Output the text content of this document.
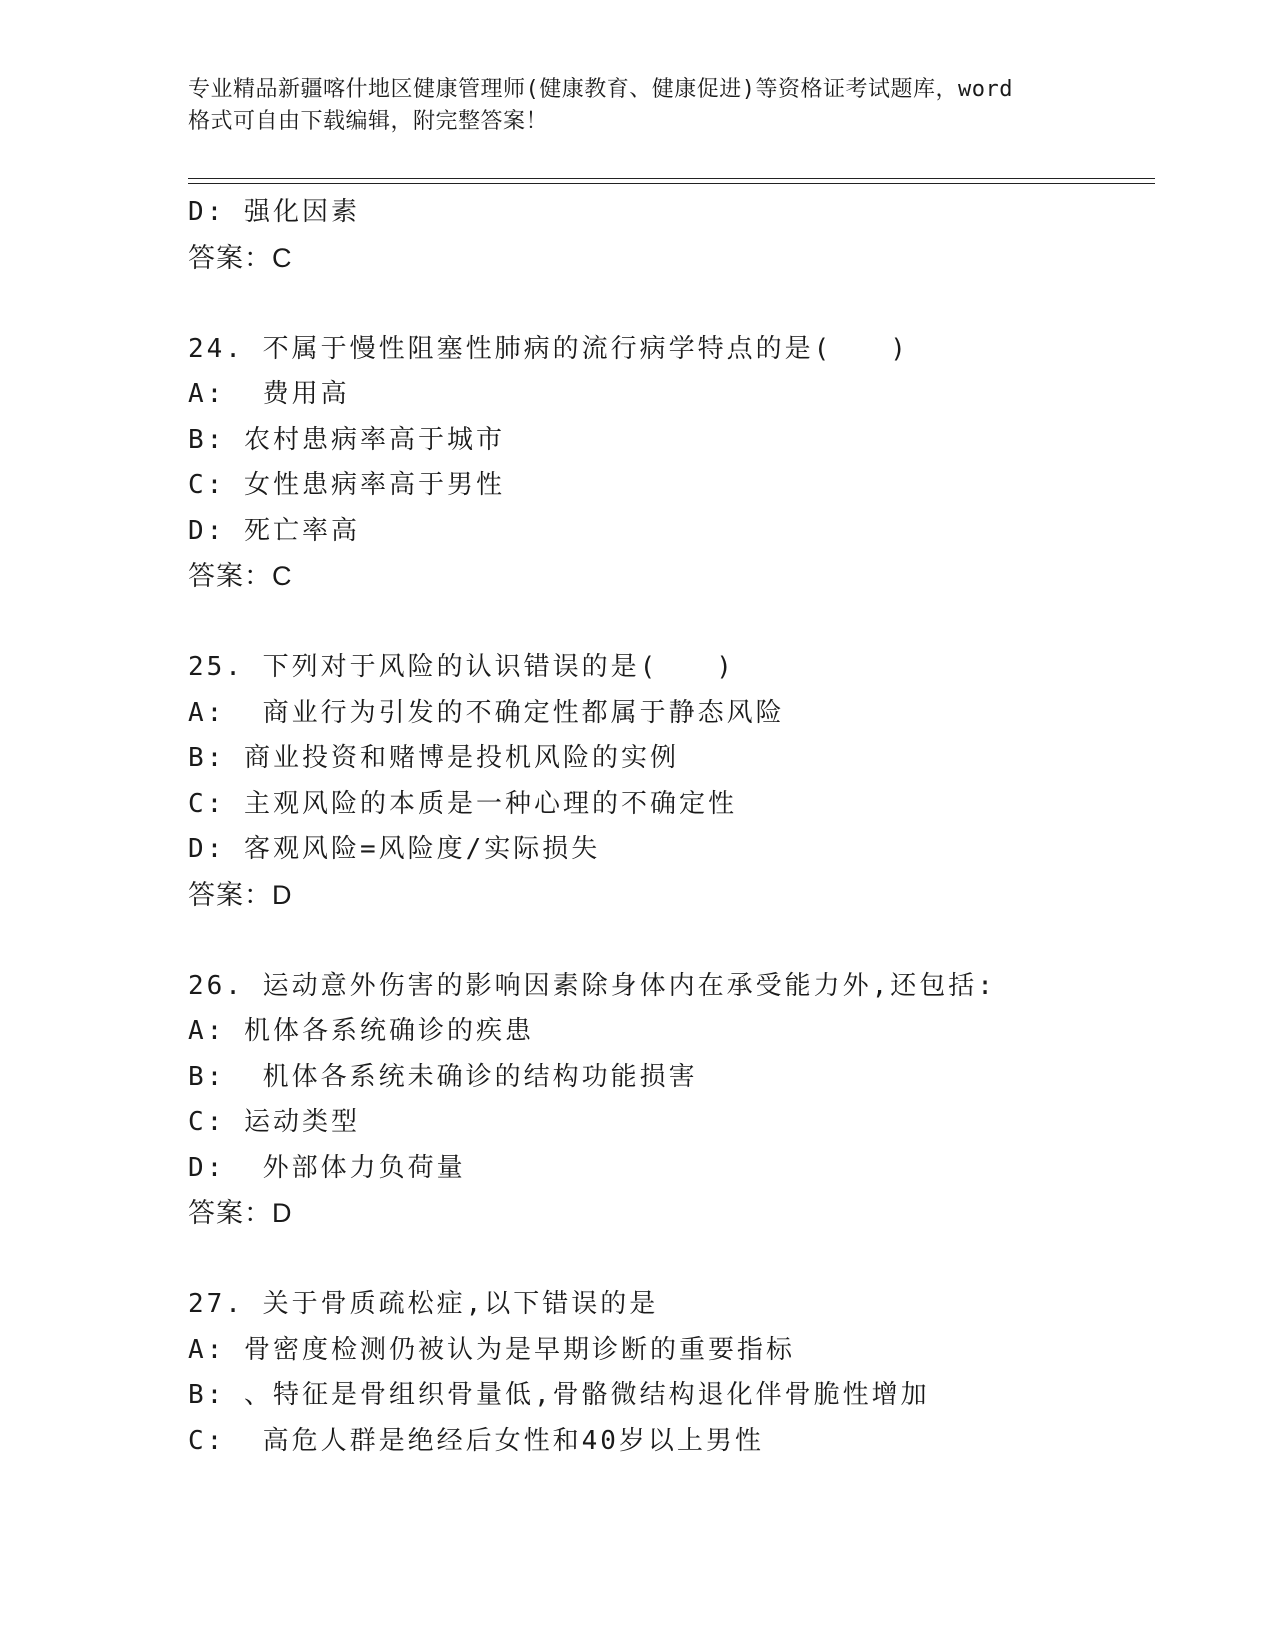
专业精品新疆喀什地区健康管理师(健康教育、健康促进)等资格证考试题库，word
格式可自由下载编辑，附完整答案！
D: 强化因素
答案：C
24. 不属于慢性阻塞性肺病的流行病学特点的是(　　)
A:  费用高
B: 农村患病率高于城市
C: 女性患病率高于男性
D: 死亡率高
答案：C
25. 下列对于风险的认识错误的是(　　)
A:  商业行为引发的不确定性都属于静态风险
B: 商业投资和赌博是投机风险的实例
C: 主观风险的本质是一种心理的不确定性
D: 客观风险=风险度/实际损失
答案：D
26. 运动意外伤害的影响因素除身体内在承受能力外,还包括:
A: 机体各系统确诊的疾患
B:  机体各系统未确诊的结构功能损害
C: 运动类型
D:  外部体力负荷量
答案：D
27. 关于骨质疏松症,以下错误的是
A: 骨密度检测仍被认为是早期诊断的重要指标
B: 、特征是骨组织骨量低,骨骼微结构退化伴骨脆性增加
C:  高危人群是绝经后女性和40岁以上男性
